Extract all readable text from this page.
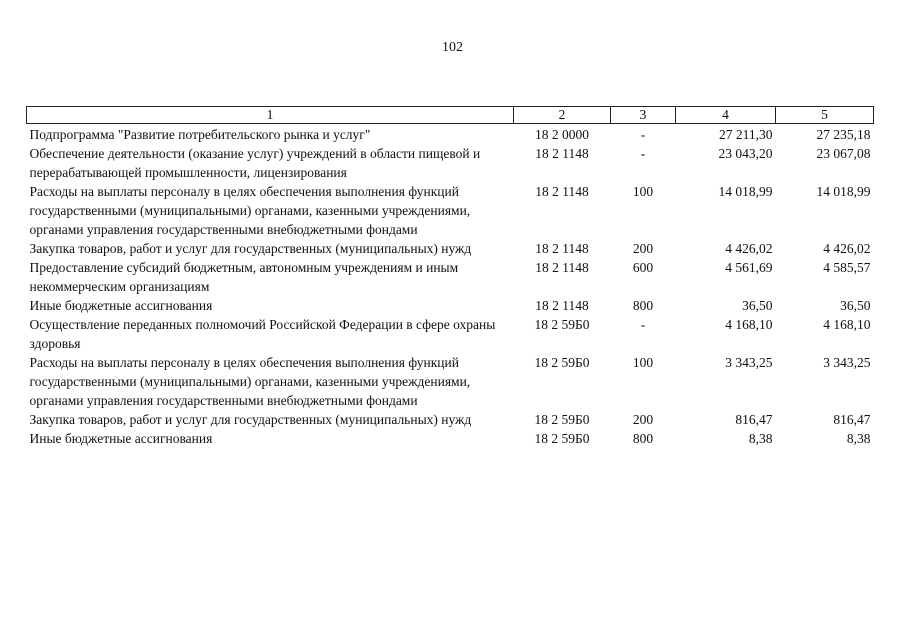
102
1	2	3	4	5
Подпрограмма "Развитие потребительского рынка и услуг"	18 2 0000	-	27 211,30	27 235,18
Обеспечение деятельности (оказание услуг) учреждений в области пищевой и перерабатывающей промышленности, лицензирования	18 2 1148	-	23 043,20	23 067,08
Расходы на выплаты персоналу в целях обеспечения выполнения функций государственными (муниципальными) органами, казенными учреждениями, органами управления государственными внебюджетными фондами	18 2 1148	100	14 018,99	14 018,99
Закупка товаров, работ и услуг для государственных (муниципальных) нужд	18 2 1148	200	4 426,02	4 426,02
Предоставление субсидий бюджетным, автономным учреждениям и иным некоммерческим организациям	18 2 1148	600	4 561,69	4 585,57
Иные бюджетные ассигнования	18 2 1148	800	36,50	36,50
Осуществление переданных полномочий Российской Федерации в сфере охраны здоровья	18 2 59Б0	-	4 168,10	4 168,10
Расходы на выплаты персоналу в целях обеспечения выполнения функций государственными (муниципальными) органами, казенными учреждениями, органами управления государственными внебюджетными фондами	18 2 59Б0	100	3 343,25	3 343,25
Закупка товаров, работ и услуг для государственных (муниципальных) нужд	18 2 59Б0	200	816,47	816,47
Иные бюджетные ассигнования	18 2 59Б0	800	8,38	8,38
